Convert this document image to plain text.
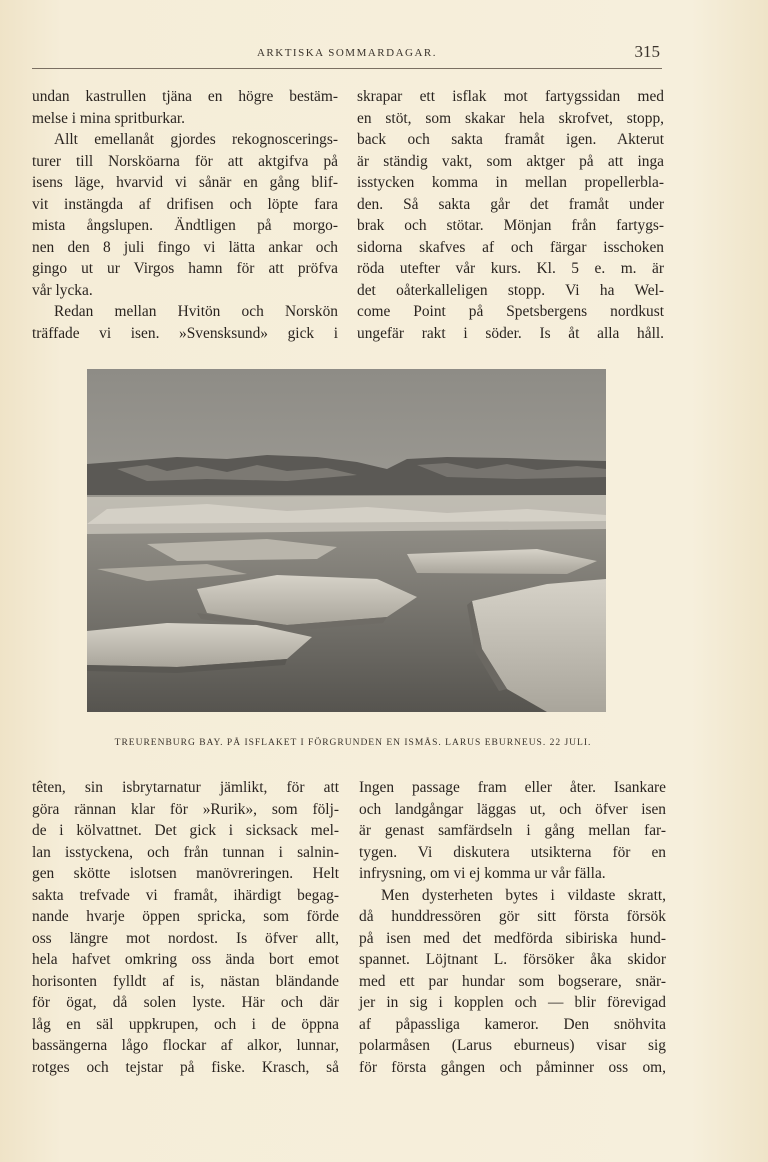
ARKTISKA SOMMARDAGAR.	315
undan kastrullen tjäna en högre bestäm-
melse i mina spritburkar.
Allt emellanåt gjordes rekognoscerings-
turer till Norsköarna för att aktgifva på
isens läge, hvarvid vi sånär en gång blif-
vit instängda af drifisen och löpte fara
mista ångslupen. Ändtligen på morgo-
nen den 8 juli fingo vi lätta ankar och
gingo ut ur Virgos hamn för att pröfva
vår lycka.
Redan mellan Hvitön och Norskön
träffade vi isen. »Svensksund» gick i
skrapar ett isflak mot fartygssidan med
en stöt, som skakar hela skrofvet, stopp,
back och sakta framåt igen. Akterut
är ständig vakt, som aktger på att inga
isstycken komma in mellan propellerbla-
den. Så sakta går det framåt under
brak och stötar. Mönjan från fartygs-
sidorna skafves af och färgar isschoken
röda utefter vår kurs. Kl. 5 e. m. är
det oåterkalleligen stopp. Vi ha Wel-
come Point på Spetsbergens nordkust
ungefär rakt i söder. Is åt alla håll.
TREURENBURG BAY. PÅ ISFLAKET I FÖRGRUNDEN EN ISMÅS. LARUS EBURNEUS. 22 JULI.
têten, sin isbrytarnatur jämlikt, för att
göra rännan klar för »Rurik», som följ-
de i kölvattnet. Det gick i sicksack mel-
lan isstyckena, och från tunnan i salnin-
gen skötte islotsen manövreringen. Helt
sakta trefvade vi framåt, ihärdigt begag-
nande hvarje öppen spricka, som förde
oss längre mot nordost. Is öfver allt,
hela hafvet omkring oss ända bort emot
horisonten fylldt af is, nästan bländande
för ögat, då solen lyste. Här och där
låg en säl uppkrupen, och i de öppna
bassängerna lågo flockar af alkor, lunnar,
rotges och tejstar på fiske. Krasch, så
Ingen passage fram eller åter. Isankare
och landgångar läggas ut, och öfver isen
är genast samfärdseln i gång mellan far-
tygen. Vi diskutera utsikterna för en
infrysning, om vi ej komma ur vår fälla.
Men dysterheten bytes i vildaste skratt,
då hunddressören gör sitt första försök
på isen med det medförda sibiriska hund-
spannet. Löjtnant L. försöker åka skidor
med ett par hundar som bogserare, snär-
jer in sig i kopplen och — blir förevigad
af påpassliga kameror. Den snöhvita
polarmåsen (Larus eburneus) visar sig
för första gången och påminner oss om,
